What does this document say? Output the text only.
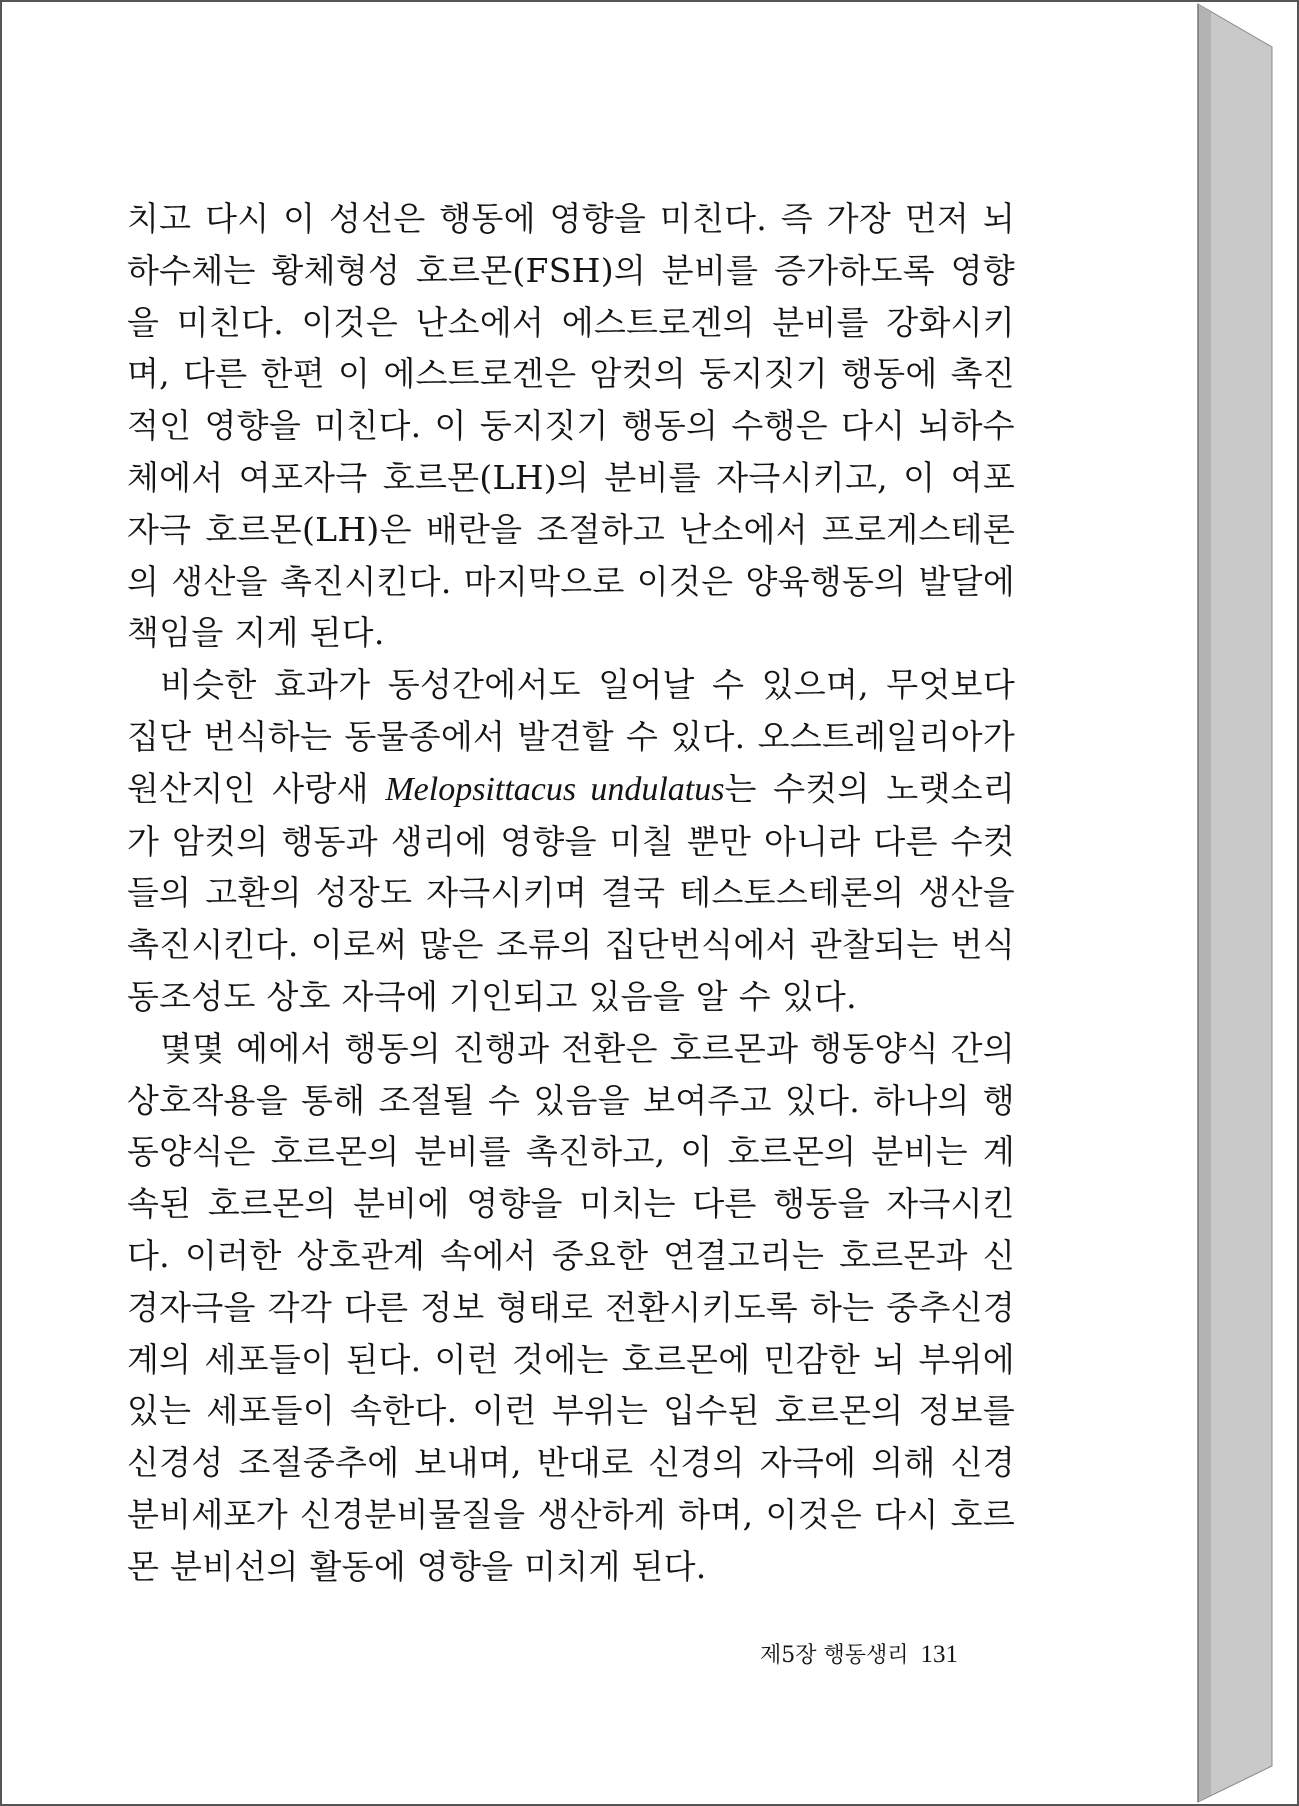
치고 다시 이 성선은 행동에 영향을 미친다. 즉 가장 먼저 뇌하수체는 황체형성 호르몬(FSH)의 분비를 증가하도록 영향을 미친다. 이것은 난소에서 에스트로겐의 분비를 강화시키며, 다른 한편 이 에스트로겐은 암컷의 둥지짓기 행동에 촉진적인 영향을 미친다. 이 둥지짓기 행동의 수행은 다시 뇌하수체에서 여포자극 호르몬(LH)의 분비를 자극시키고, 이 여포자극 호르몬(LH)은 배란을 조절하고 난소에서 프로게스테론의 생산을 촉진시킨다. 마지막으로 이것은 양육행동의 발달에 책임을 지게 된다.

비슷한 효과가 동성간에서도 일어날 수 있으며, 무엇보다 집단 번식하는 동물종에서 발견할 수 있다. 오스트레일리아가 원산지인 사랑새 Melopsittacus undulatus는 수컷의 노랫소리가 암컷의 행동과 생리에 영향을 미칠 뿐만 아니라 다른 수컷들의 고환의 성장도 자극시키며 결국 테스토스테론의 생산을 촉진시킨다. 이로써 많은 조류의 집단번식에서 관찰되는 번식 동조성도 상호 자극에 기인되고 있음을 알 수 있다.

몇몇 예에서 행동의 진행과 전환은 호르몬과 행동양식 간의 상호작용을 통해 조절될 수 있음을 보여주고 있다. 하나의 행동양식은 호르몬의 분비를 촉진하고, 이 호르몬의 분비는 계속된 호르몬의 분비에 영향을 미치는 다른 행동을 자극시킨다. 이러한 상호관계 속에서 중요한 연결고리는 호르몬과 신경자극을 각각 다른 정보 형태로 전환시키도록 하는 중추신경계의 세포들이 된다. 이런 것에는 호르몬에 민감한 뇌 부위에 있는 세포들이 속한다. 이런 부위는 입수된 호르몬의 정보를 신경성 조절중추에 보내며, 반대로 신경의 자극에 의해 신경분비세포가 신경분비물질을 생산하게 하며, 이것은 다시 호르몬 분비선의 활동에 영향을 미치게 된다.

제5장 행동생리 131
